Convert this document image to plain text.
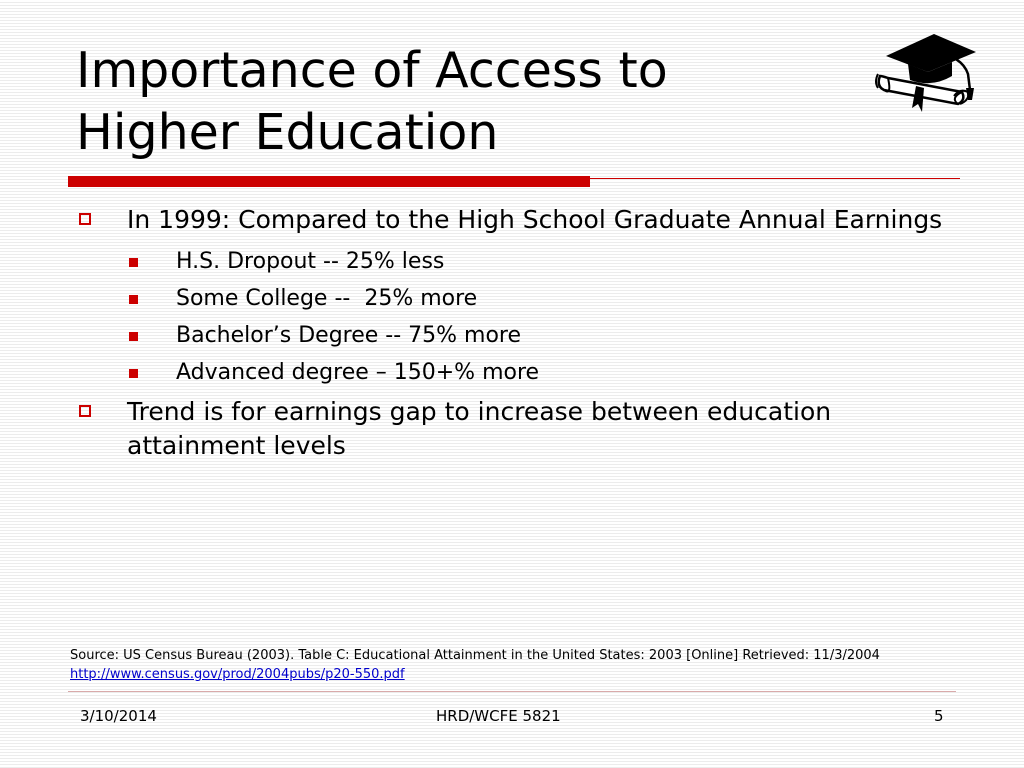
Importance of Access to
Higher Education
In 1999: Compared to the High School Graduate Annual Earnings
H.S. Dropout -- 25% less
Some College --  25% more
Bachelor’s Degree -- 75% more
Advanced degree – 150+% more
Trend is for earnings gap to increase between education attainment levels
Source: US Census Bureau (2003). Table C: Educational Attainment in the United States: 2003 [Online] Retrieved: 11/3/2004 http://www.census.gov/prod/2004pubs/p20-550.pdf
3/10/2014	HRD/WCFE 5821	5
